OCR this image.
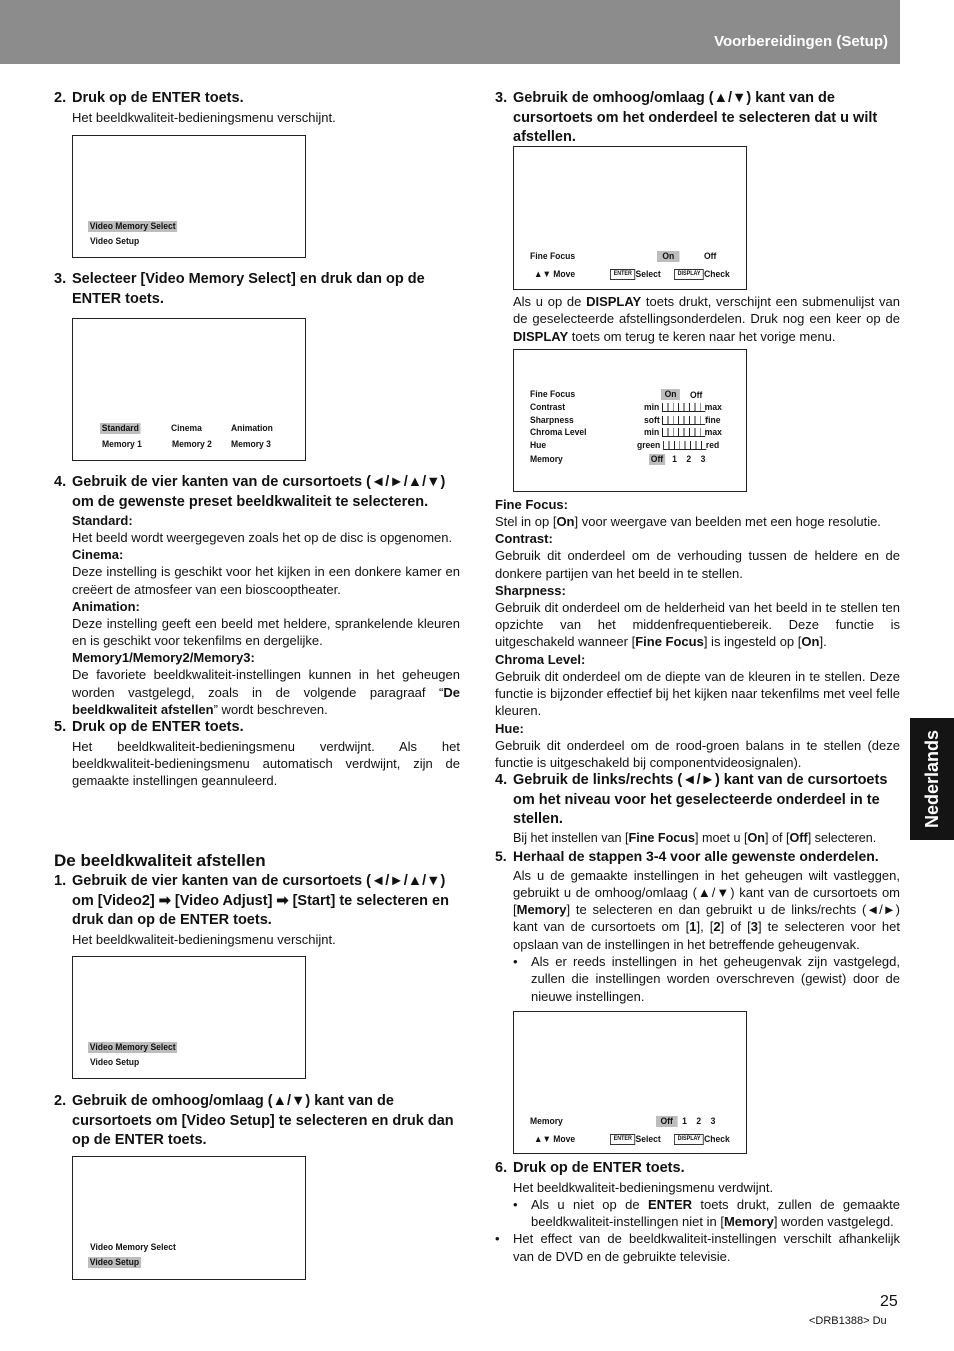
Voorbereidingen (Setup)
Nederlands
2. Druk op de ENTER toets.

Het beeldkwaliteit-bedieningsmenu verschijnt.

Video Memory Select
Video Setup
3. Selecteer [Video Memory Select] en druk dan op de ENTER toets.
Standard	Cinema	Animation
Memory 1	Memory 2 Memory 3
4. Gebruik de vier kanten van de cursortoets (◄/►/▲/▼) om de gewenste preset beeldkwaliteit te selecteren.

Standard:

Het beeld wordt weergegeven zoals het op de disc is opgenomen.

Cinema:

Deze instelling is geschikt voor het kijken in een donkere kamer en creëert de atmosfeer van een bioscooptheater.

Animation:

Deze instelling geeft een beeld met heldere, sprankelende kleuren en is geschikt voor tekenfilms en dergelijke.

Memory1/Memory2/Memory3:

De favoriete beeldkwaliteit-instellingen kunnen in het geheugen worden vastgelegd, zoals in de volgende paragraaf “De beeldkwaliteit afstellen” wordt beschreven.

5. Druk op de ENTER toets.

Het beeldkwaliteit-bedieningsmenu verdwijnt. Als het beeldkwaliteit-bedieningsmenu automatisch verdwijnt, zijn de gemaakte instellingen geannuleerd.

De beeldkwaliteit afstellen

1. Gebruik de vier kanten van de cursortoets (◄/►/▲/▼) om [Video2] ➡ [Video Adjust] ➡ [Start] te selecteren en druk dan op de ENTER toets.

Het beeldkwaliteit-bedieningsmenu verschijnt.

Video Memory Select
Video Setup
2. Gebruik de omhoog/omlaag (▲/▼) kant van de cursortoets om [Video Setup] te selecteren en druk dan op de ENTER toets.
Video Memory Select
Video Setup
3. Gebruik de omhoog/omlaag (▲/▼) kant van de cursortoets om het onderdeel te selecteren dat u wilt afstellen.
Fine Focus	On	Off
▲▼ Move	ENTER Select	DISPLAY Check

Als u op de DISPLAY toets drukt, verschijnt een submenulijst van de geselecteerde afstellingsonderdelen. Druk nog een keer op de DISPLAY toets om terug te keren naar het vorige menu.

Fine Focus	On	Off
Contrast	min	max
Sharpness	soft	fine
Chroma Level	min	max
Hue	green	red
Memory	Off 1 2 3

Fine Focus:

Stel in op [On] voor weergave van beelden met een hoge resolutie.

Contrast:

Gebruik dit onderdeel om de verhouding tussen de heldere en de donkere partijen van het beeld in te stellen.

Sharpness:

Gebruik dit onderdeel om de helderheid van het beeld in te stellen ten opzichte van het middenfrequentiebereik. Deze functie is uitgeschakeld wanneer [Fine Focus] is ingesteld op [On].

Chroma Level:

Gebruik dit onderdeel om de diepte van de kleuren in te stellen. Deze functie is bijzonder effectief bij het kijken naar tekenfilms met veel felle kleuren.

Hue:

Gebruik dit onderdeel om de rood-groen balans in te stellen (deze functie is uitgeschakeld bij componentvideosignalen).

4. Gebruik de links/rechts (◄/►) kant van de cursortoets om het niveau voor het geselecteerde onderdeel in te stellen.

Bij het instellen van [Fine Focus] moet u [On] of [Off] selecteren.

5. Herhaal de stappen 3-4 voor alle gewenste onderdelen.

Als u de gemaakte instellingen in het geheugen wilt vastleggen, gebruikt u de omhoog/omlaag (▲/▼) kant van de cursortoets om [Memory] te selecteren en dan gebruikt u de links/rechts (◄/►) kant van de cursortoets om [1], [2] of [3] te selecteren voor het opslaan van de instellingen in het betreffende geheugenvak.

•	Als er reeds instellingen in het geheugenvak zijn vastgelegd, zullen die instellingen worden overschreven (gewist) door de nieuwe instellingen.
Memory	Off 1 2 3
▲▼ Move	ENTER Select	DISPLAY Check
6. Druk op de ENTER toets.

Het beeldkwaliteit-bedieningsmenu verdwijnt.

•	Als u niet op de ENTER toets drukt, zullen de gemaakte beeldkwaliteit-instellingen niet in [Memory] worden vastgelegd.
•	Het effect van de beeldkwaliteit-instellingen verschilt afhankelijk van de DVD en de gebruikte televisie.
25
<DRB1388> Du
